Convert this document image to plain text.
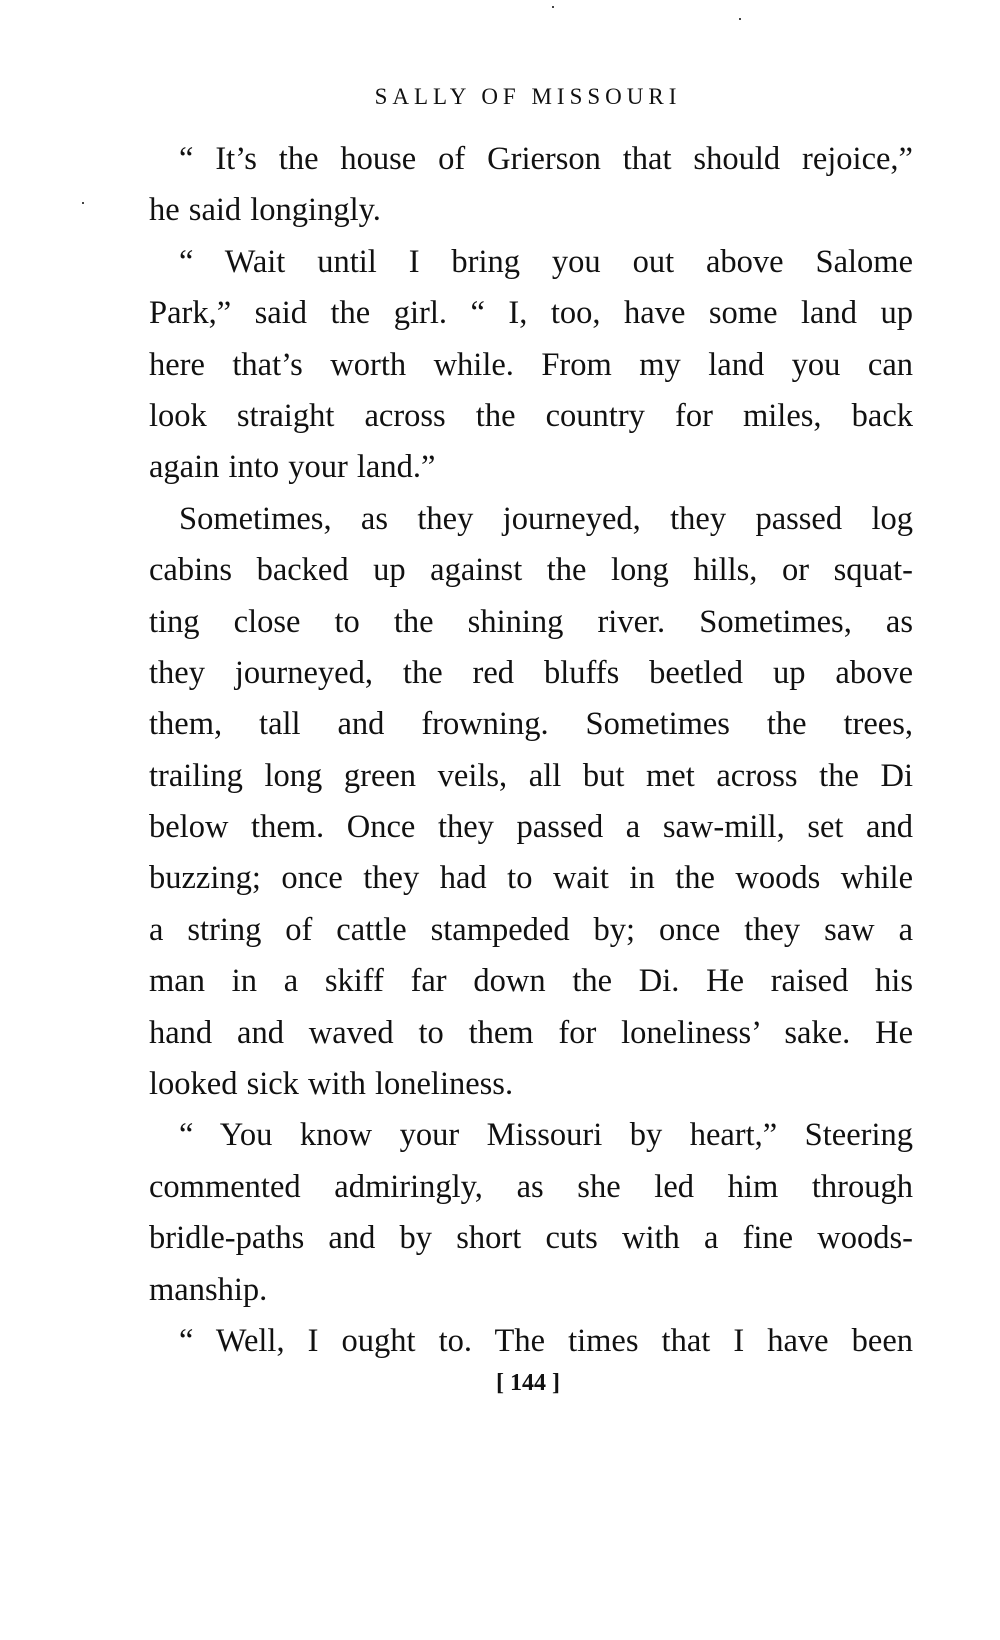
SALLY OF MISSOURI
“ It’s the house of Grierson that should rejoice,”
he said longingly.
“ Wait until I bring you out above Salome
Park,” said the girl. “ I, too, have some land up
here that’s worth while. From my land you can
look straight across the country for miles, back
again into your land.”
Sometimes, as they journeyed, they passed log
cabins backed up against the long hills, or squat-
ting close to the shining river. Sometimes, as
they journeyed, the red bluffs beetled up above
them, tall and frowning. Sometimes the trees,
trailing long green veils, all but met across the Di
below them. Once they passed a saw-mill, set and
buzzing; once they had to wait in the woods while
a string of cattle stampeded by; once they saw a
man in a skiff far down the Di. He raised his
hand and waved to them for loneliness’ sake. He
looked sick with loneliness.
“ You know your Missouri by heart,” Steering
commented admiringly, as she led him through
bridle-paths and by short cuts with a fine woods-
manship.
“ Well, I ought to. The times that I have been
[ 144 ]
